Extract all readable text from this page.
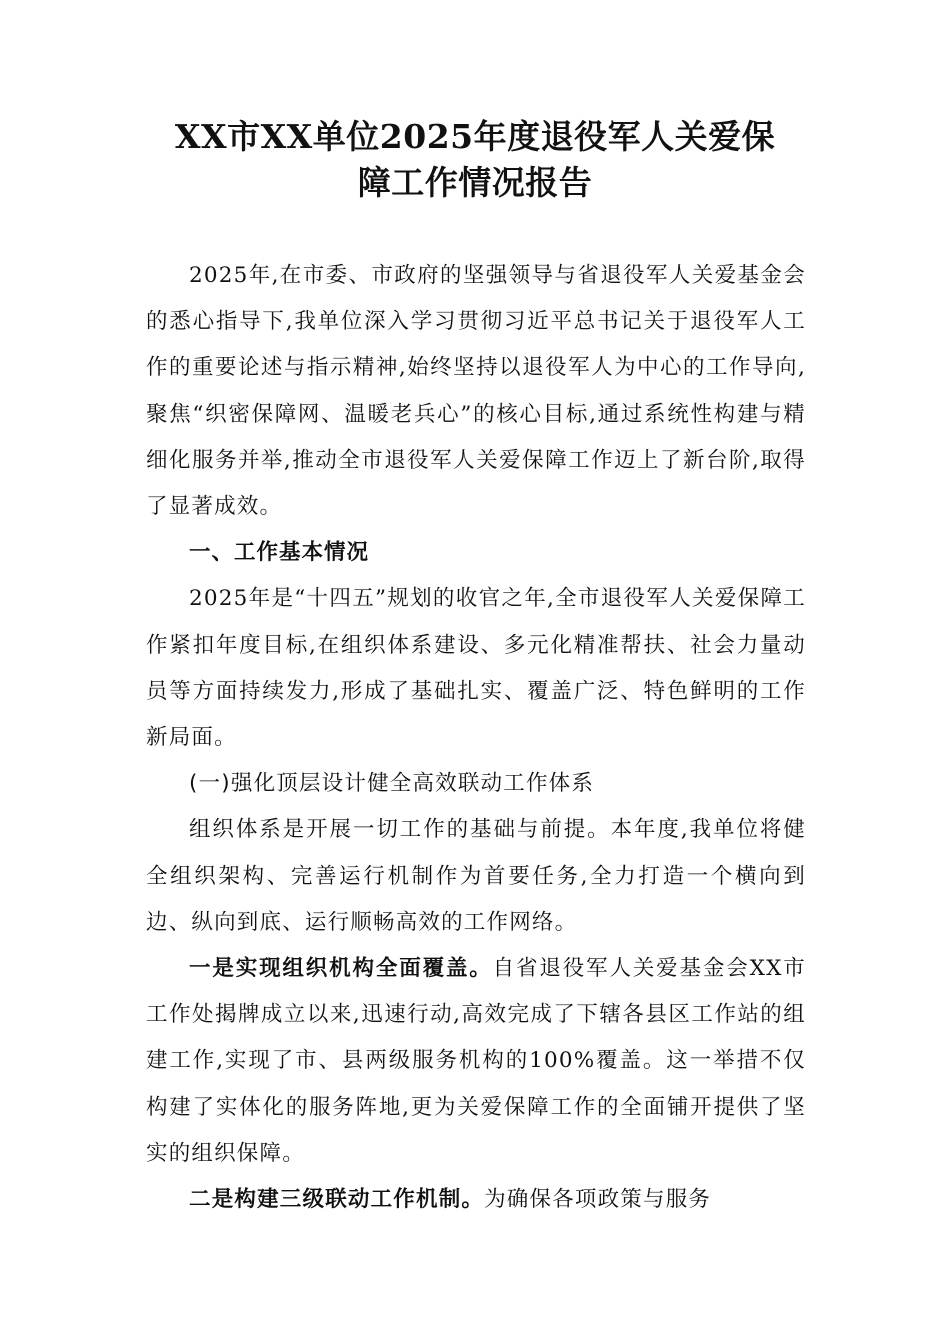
XX市XX单位2025年度退役军人关爱保
障工作情况报告

2025年,在市委、市政府的坚强领导与省退役军人关爱基金会的悉心指导下,我单位深入学习贯彻习近平总书记关于退役军人工作的重要论述与指示精神,始终坚持以退役军人为中心的工作导向,聚焦“织密保障网、温暖老兵心”的核心目标,通过系统性构建与精细化服务并举,推动全市退役军人关爱保障工作迈上了新台阶,取得了显著成效。

一、工作基本情况

2025年是“十四五”规划的收官之年,全市退役军人关爱保障工作紧扣年度目标,在组织体系建设、多元化精准帮扶、社会力量动员等方面持续发力,形成了基础扎实、覆盖广泛、特色鲜明的工作新局面。

(一)强化顶层设计健全高效联动工作体系

组织体系是开展一切工作的基础与前提。本年度,我单位将健全组织架构、完善运行机制作为首要任务,全力打造一个横向到边、纵向到底、运行顺畅高效的工作网络。

一是实现组织机构全面覆盖。自省退役军人关爱基金会XX市工作处揭牌成立以来,迅速行动,高效完成了下辖各县区工作站的组建工作,实现了市、县两级服务机构的100%覆盖。这一举措不仅构建了实体化的服务阵地,更为关爱保障工作的全面铺开提供了坚实的组织保障。

二是构建三级联动工作机制。为确保各项政策与服务
